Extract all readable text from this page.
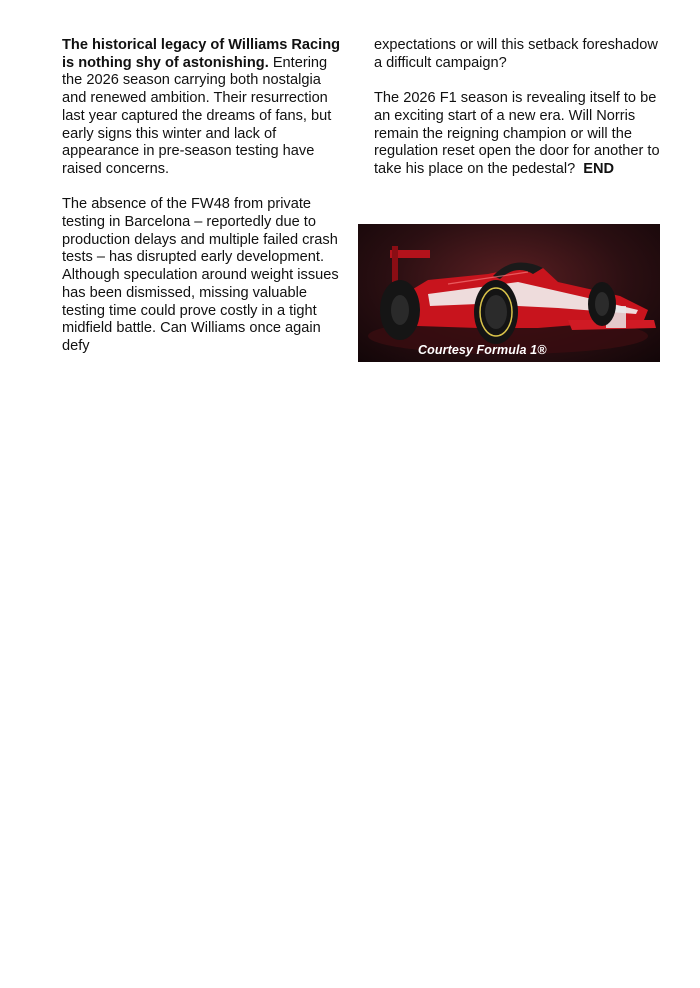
The historical legacy of Williams Racing is nothing shy of astonishing. Entering the 2026 season carrying both nostalgia and renewed ambition. Their resurrection last year captured the dreams of fans, but early signs this winter and lack of appearance in pre-season testing have raised concerns.

The absence of the FW48 from private testing in Barcelona – reportedly due to production delays and multiple failed crash tests – has disrupted early development. Although speculation around weight issues has been dismissed, missing valuable testing time could prove costly in a tight midfield battle. Can Williams once again defy

expectations or will this setback foreshadow a difficult campaign?

The 2026 F1 season is revealing itself to be an exciting start of a new era. Will Norris remain the reigning champion or will the regulation reset open the door for another to take his place on the pedestal? END

Courtesy Formula 1®
